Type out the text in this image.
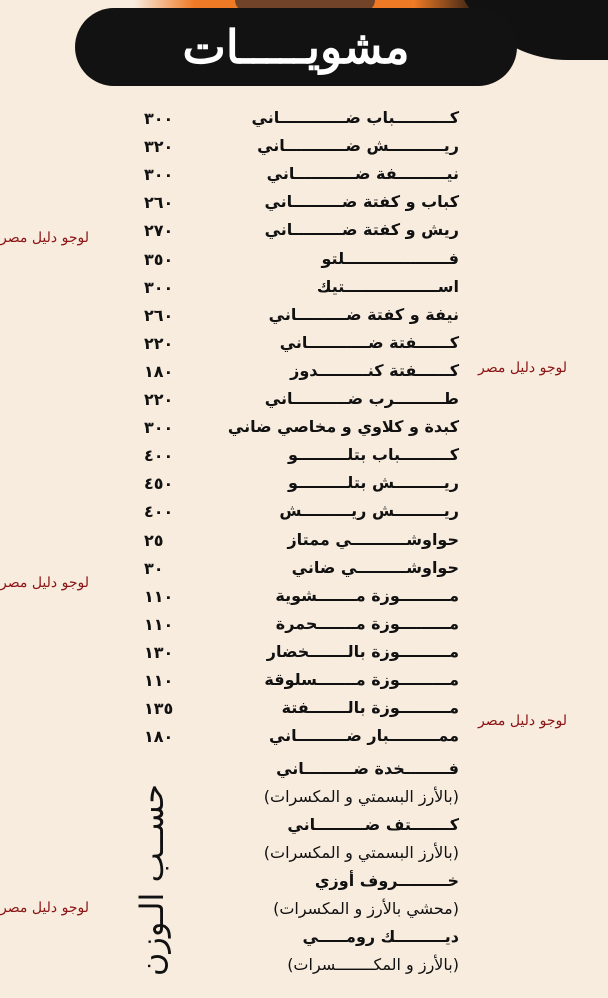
مشويـــــات
كــــــــــباب ضــــــــــــاني
٣٠٠
ريــــــــــش ضـــــــــــاني
٣٢٠
نيـــــــــفة ضـــــــــــاني
٣٠٠
كباب و كفتة ضـــــــــاني
٢٦٠
ريش و كفتة ضـــــــــاني
٢٧٠
فـــــــــــــــــــلتو
٣٥٠
اســـــــــــــــــتيك
٣٠٠
نيفة و كفتة ضـــــــــاني
٢٦٠
كــــــفتة ضـــــــــــاني
٢٢٠
كــــــفتة كنـــــــــدوز
١٨٠
طـــــــــرب ضــــــــــاني
٢٢٠
كبدة و كلاوي و مخاصي ضاني
٣٠٠
كـــــــــباب بتلـــــــــو
٤٠٠
ريـــــــــش بتلـــــــــو
٤٥٠
ريـــــــــش ريـــــــــش
٤٠٠
حواوشــــــــــي ممتاز
٢٥
حواوشـــــــــي ضاني
٣٠
مـــــــــوزة مـــــــشوية
١١٠
مـــــــــوزة مـــــــحمرة
١١٠
مـــــــــوزة بالـــــــخضار
١٣٠
مـــــــــوزة مـــــــسلوقة
١١٠
مـــــــــوزة بالـــــــفتة
١٣٥
ممـــــــــبار ضـــــــــاني
١٨٠
فــــــــخدة ضـــــــــاني
(بالأرز البسمتي و المكسرات)
كـــــــتف ضـــــــــاني
(بالأرز البسمتي و المكسرات)
خـــــــــروف أوزي
(محشي بالأرز و المكسرات)
ديـــــــــك رومـــــي
(بالأرز و المكــــــــسرات)
حســب الـوزن
لوجو دليل مصر
لوجو دليل مصر
لوجو دليل مصر
لوجو دليل مصر
لوجو دليل مصر
